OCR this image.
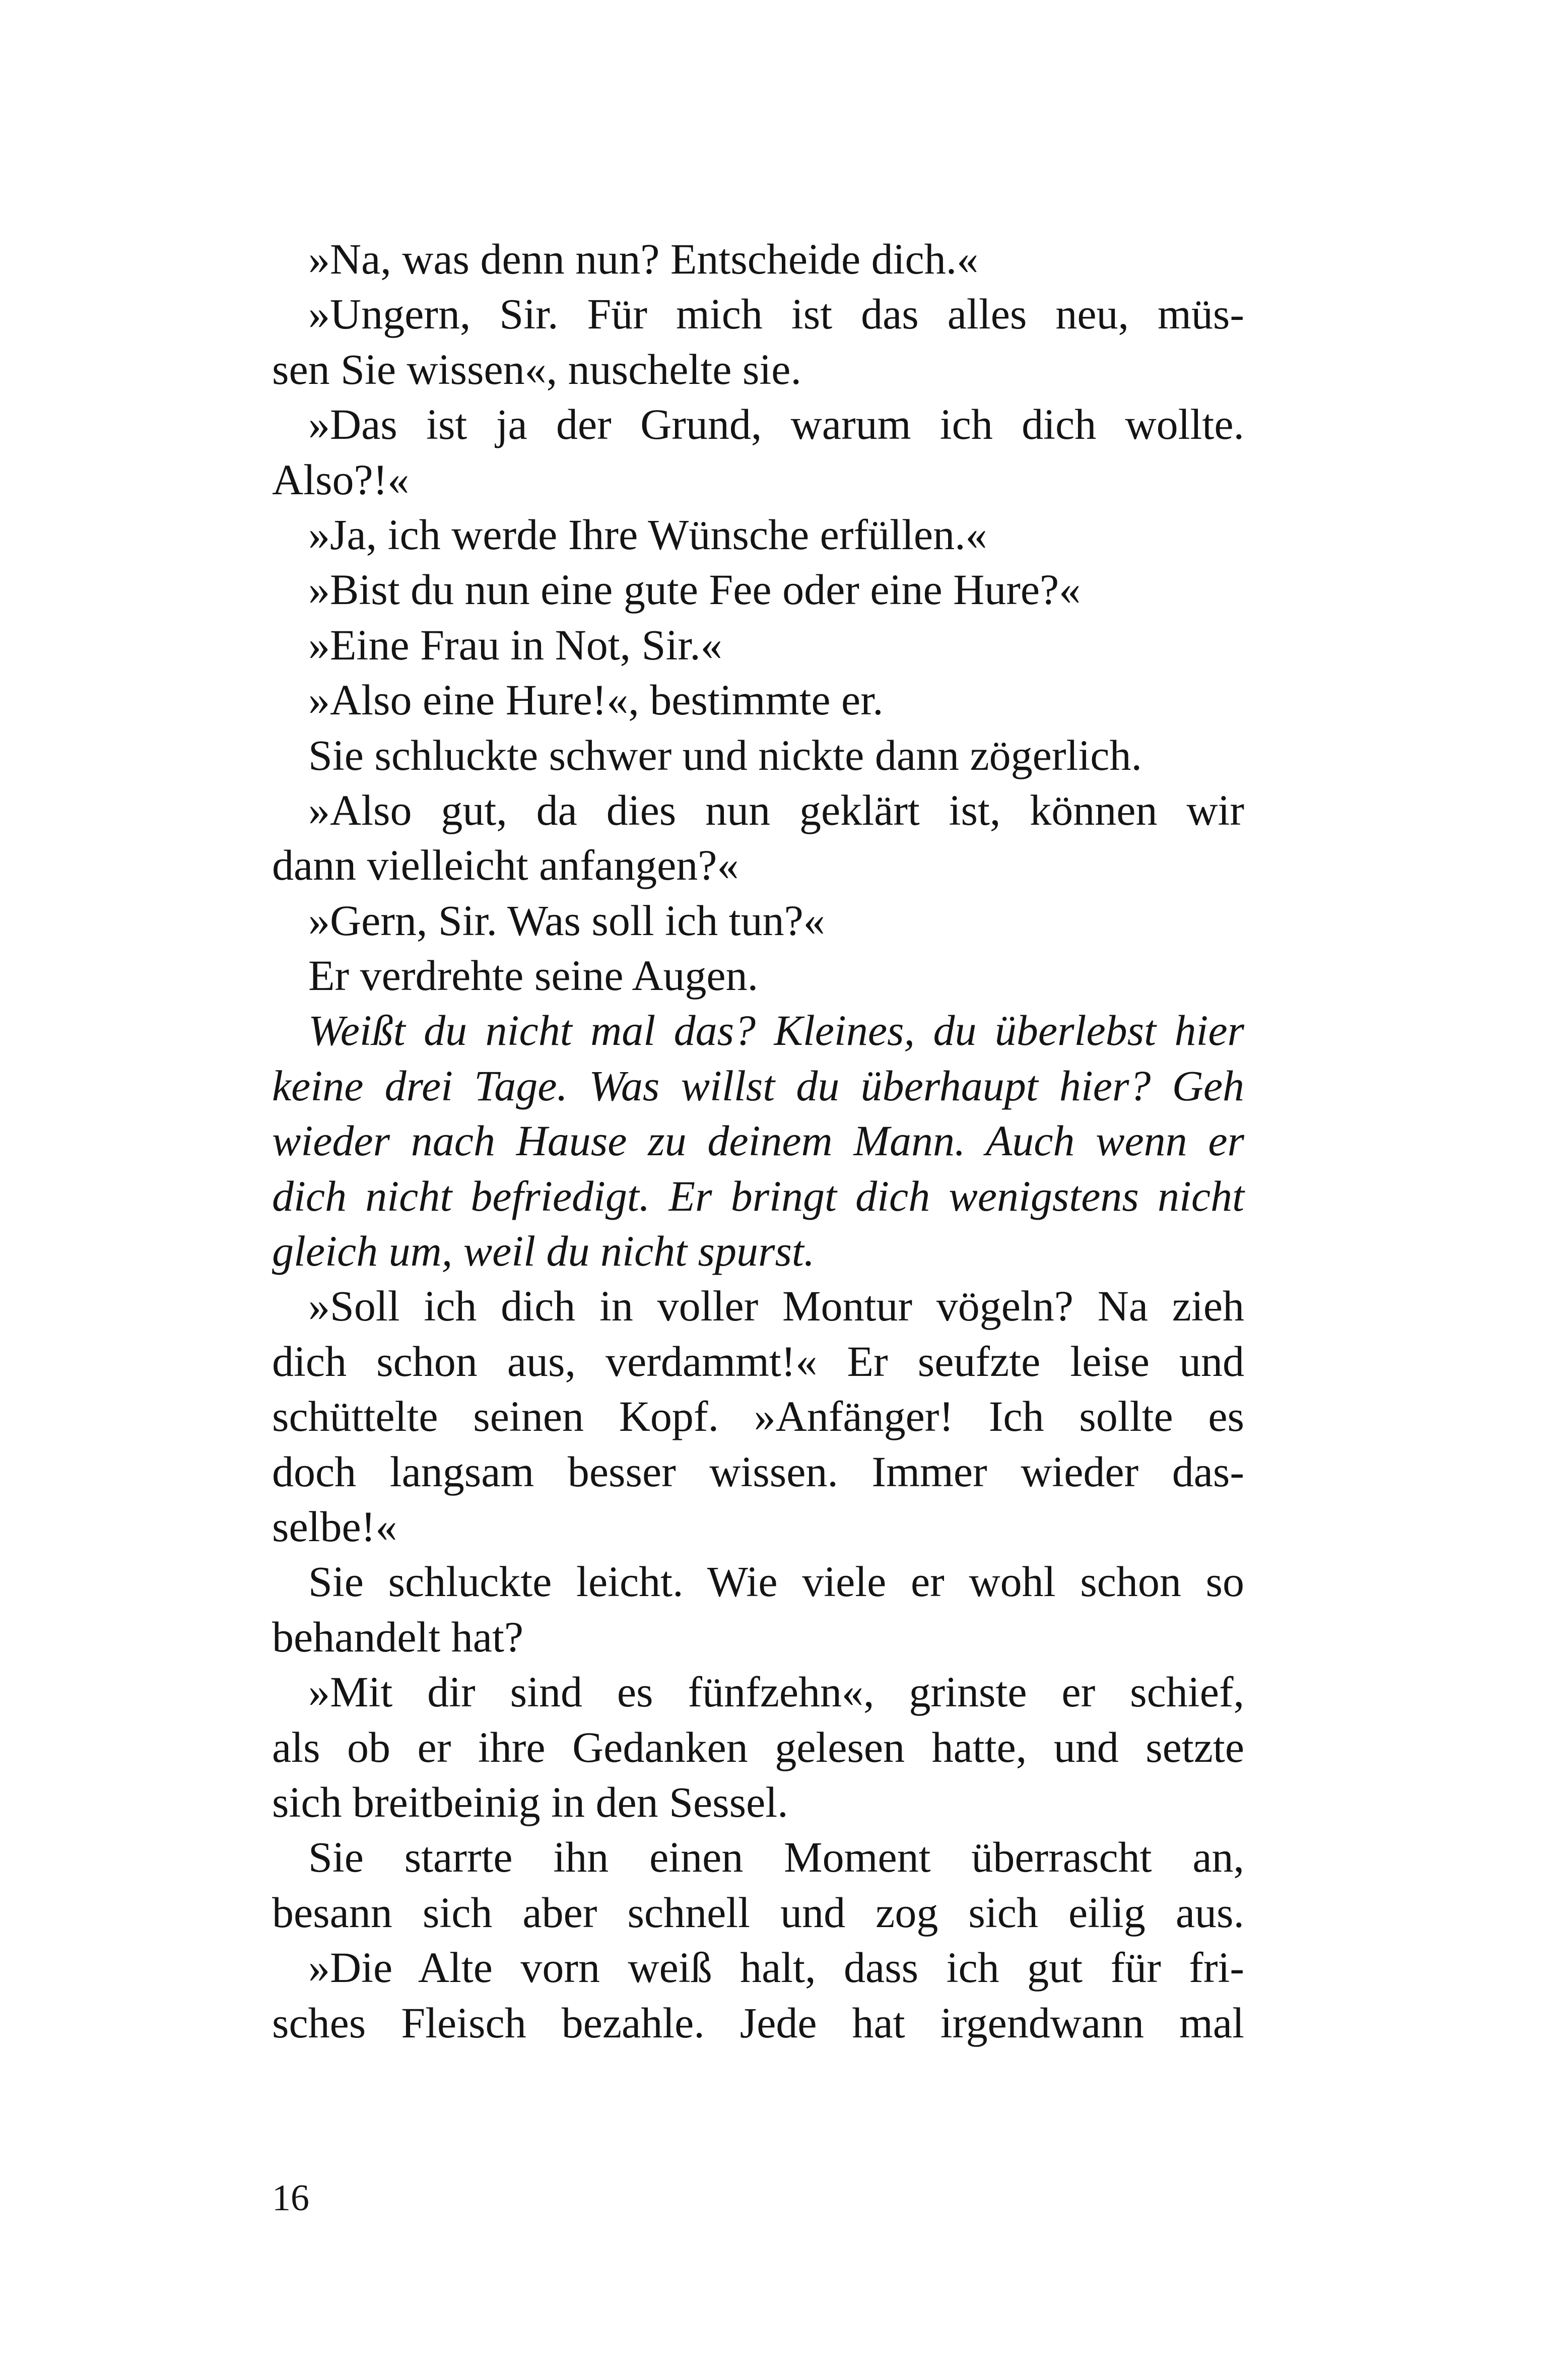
»Na, was denn nun? Entscheide dich.«
»Ungern, Sir. Für mich ist das alles neu, müs-
sen Sie wissen«, nuschelte sie.
»Das ist ja der Grund, warum ich dich wollte.
Also?!«
»Ja, ich werde Ihre Wünsche erfüllen.«
»Bist du nun eine gute Fee oder eine Hure?«
»Eine Frau in Not, Sir.«
»Also eine Hure!«, bestimmte er.
Sie schluckte schwer und nickte dann zögerlich.
»Also gut, da dies nun geklärt ist, können wir
dann vielleicht anfangen?«
»Gern, Sir. Was soll ich tun?«
Er verdrehte seine Augen.
Weißt du nicht mal das? Kleines, du überlebst hier
keine drei Tage. Was willst du überhaupt hier? Geh
wieder nach Hause zu deinem Mann. Auch wenn er
dich nicht befriedigt. Er bringt dich wenigstens nicht
gleich um, weil du nicht spurst.
»Soll ich dich in voller Montur vögeln? Na zieh
dich schon aus, verdammt!« Er seufzte leise und
schüttelte seinen Kopf. »Anfänger! Ich sollte es
doch langsam besser wissen. Immer wieder das-
selbe!«
Sie schluckte leicht. Wie viele er wohl schon so
behandelt hat?
»Mit dir sind es fünfzehn«, grinste er schief,
als ob er ihre Gedanken gelesen hatte, und setzte
sich breitbeinig in den Sessel.
Sie starrte ihn einen Moment überrascht an,
besann sich aber schnell und zog sich eilig aus.
»Die Alte vorn weiß halt, dass ich gut für fri-
sches Fleisch bezahle. Jede hat irgendwann mal
16
